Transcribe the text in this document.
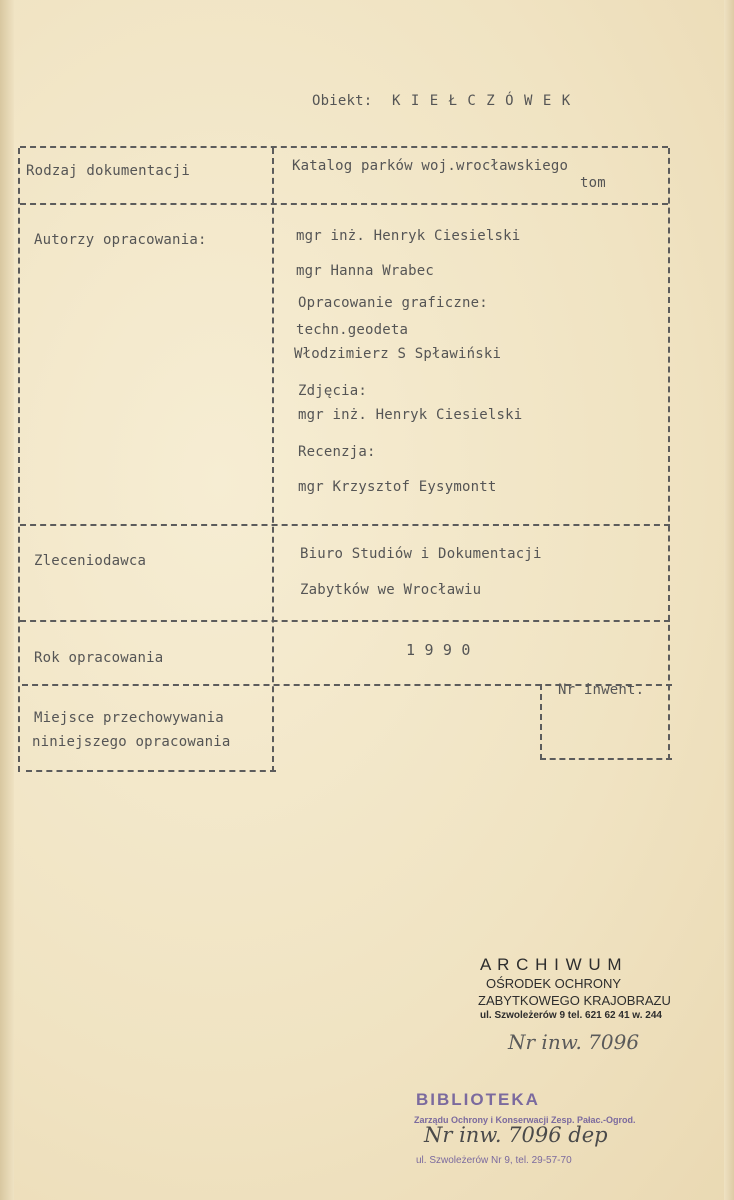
Obiekt: K I E Ł C Z Ó W E K
Rodzaj dokumentacji	Katalog parków woj.wrocławskiego
tom
Autorzy opracowania:	mgr inż. Henryk Ciesielski
mgr Hanna Wrabec
Opracowanie graficzne:
techn.geodeta
Włodzimierz S Spławiński
Zdjęcia:
mgr inż. Henryk Ciesielski
Recenzja:
mgr Krzysztof Eysymontt
Zleceniodawca	Biuro Studiów i Dokumentacji
Zabytków we Wrocławiu
Rok opracowania	1 9 9 0
Miejsce przechowywania
niniejszego opracowania
Nr inwent.
A R C H I W U M
OŚRODEK OCHRONY
ZABYTKOWEGO KRAJOBRAZU
ul. Szwoleżerów 9 tel. 621 62 41 w. 244
Nr inw. 7096
BIBLIOTEKA
Zarządu Ochrony i Konserwacji Zesp. Pałac.-Ogrod.
ul. Szwoleżerów Nr 9, tel. 29-57-70
Nr inw. 7096 dep
